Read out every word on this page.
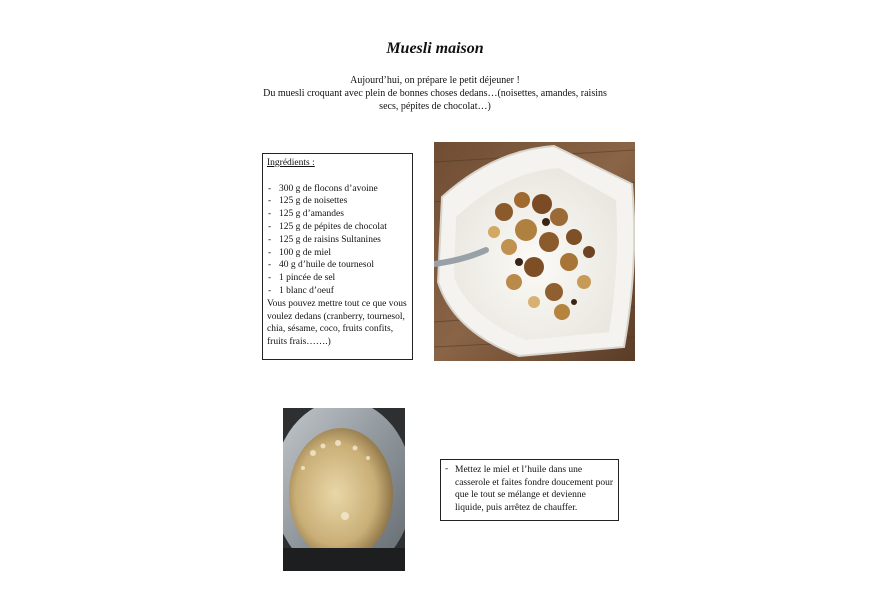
Muesli maison
Aujourd’hui, on prépare le petit déjeuner !
Du muesli croquant avec plein de bonnes choses dedans…(noisettes, amandes, raisins
secs, pépites de chocolat…)
Ingrédients :
- 300 g de flocons d’avoine
- 125 g de noisettes
- 125 g d’amandes
- 125 g de pépites de chocolat
- 125 g de raisins Sultanines
- 100 g de miel
- 40 g d’huile de tournesol
- 1 pincée de sel
- 1 blanc d’oeuf
Vous pouvez mettre tout ce que vous voulez dedans (cranberry, tournesol, chia, sésame, coco, fruits confits, fruits frais…….)
- Mettez le miel et l’huile dans une casserole et faites fondre doucement pour que le tout se mélange et devienne liquide, puis arrêtez de chauffer.
